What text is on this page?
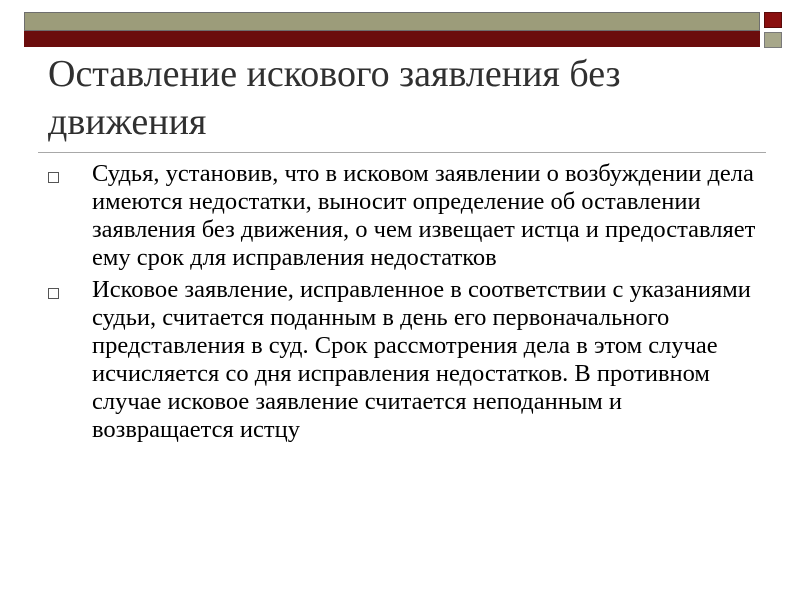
Оставление искового заявления без движения
Судья, установив, что в исковом заявлении о возбуждении дела имеются недостатки, выносит определение об оставлении заявления без движения, о чем извещает истца и предоставляет ему срок для исправления недостатков
Исковое заявление, исправленное в соответствии с указаниями судьи, считается поданным в день его первоначального представления в суд. Срок рассмотрения дела в этом случае исчисляется со дня исправления недостатков. В противном случае исковое заявление считается неподанным и возвращается истцу
